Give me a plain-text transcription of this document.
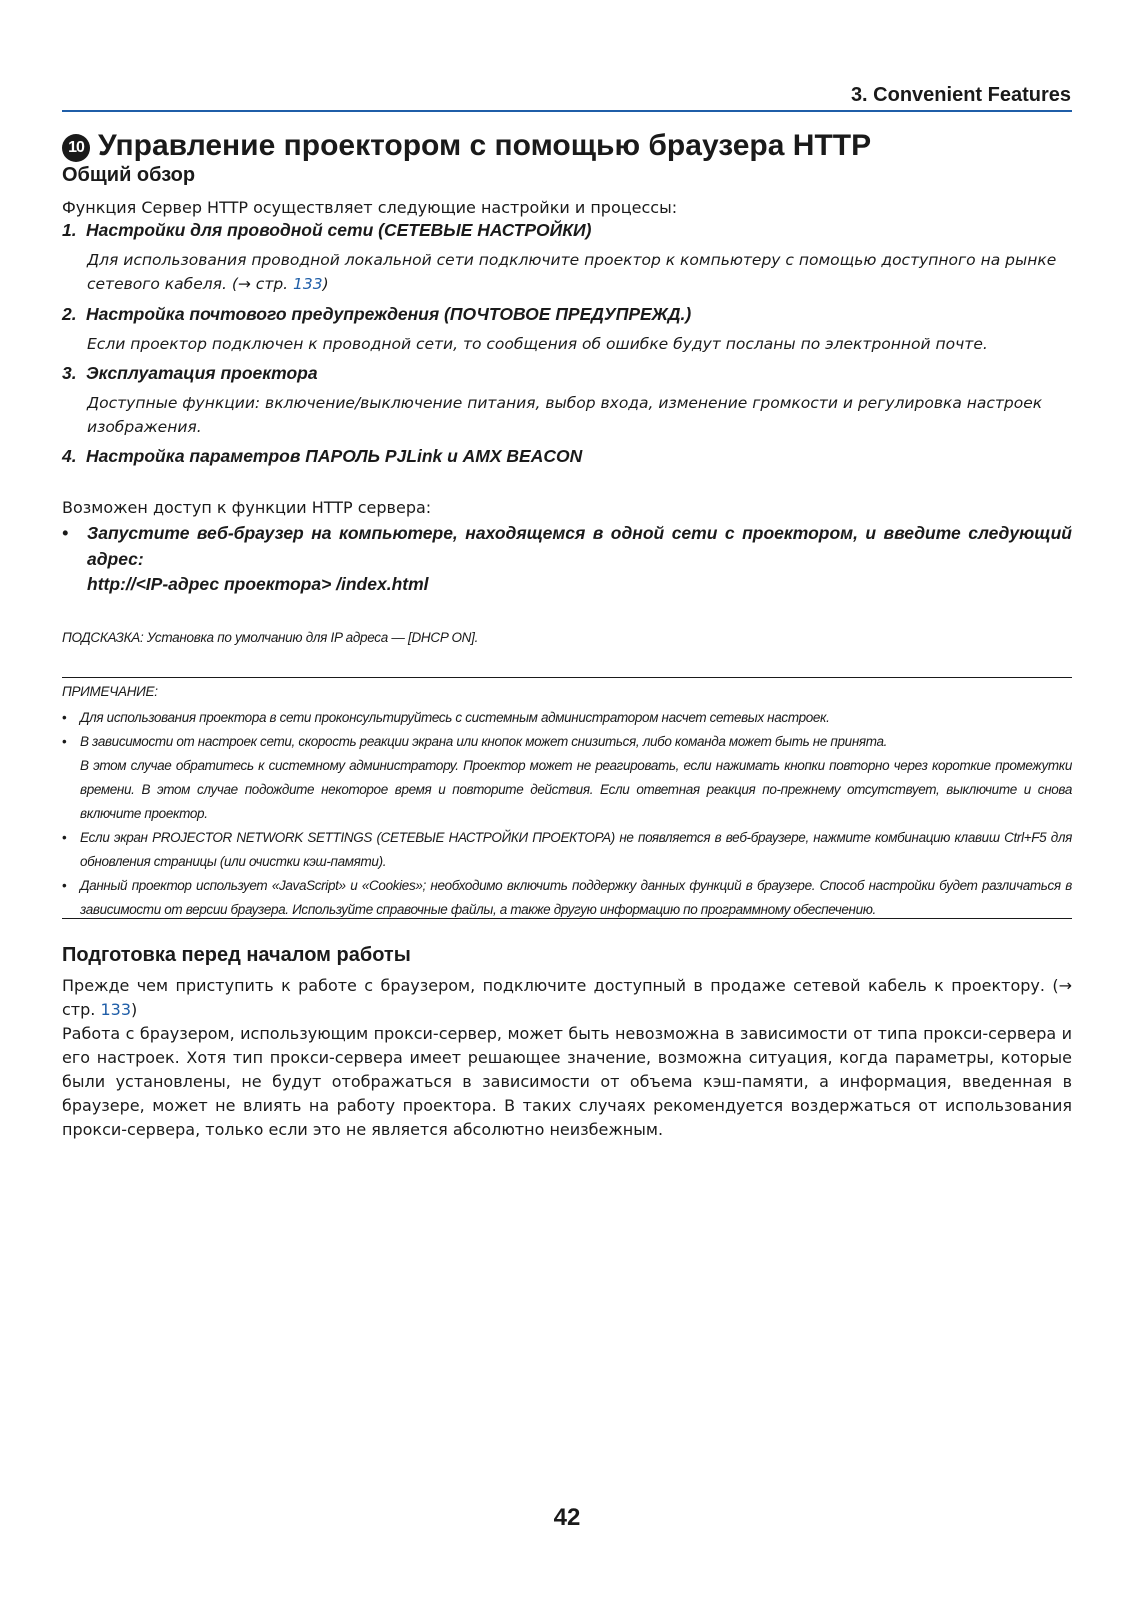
3. Convenient Features
10 Управление проектором с помощью браузера HTTP
Общий обзор
Функция Сервер HTTP осуществляет следующие настройки и процессы:
1. Настройки для проводной сети (СЕТЕВЫЕ НАСТРОЙКИ)
Для использования проводной локальной сети подключите проектор к компьютеру с помощью доступного на рынке сетевого кабеля. (→ стр. 133)
2. Настройка почтового предупреждения (ПОЧТОВОЕ ПРЕДУПРЕЖД.)
Если проектор подключен к проводной сети, то сообщения об ошибке будут посланы по электронной почте.
3. Эксплуатация проектора
Доступные функции: включение/выключение питания, выбор входа, изменение громкости и регулировка настроек изображения.
4. Настройка параметров ПАРОЛЬ PJLink и AMX BEACON
Возможен доступ к функции HTTP сервера:
• Запустите веб-браузер на компьютере, находящемся в одной сети с проектором, и введите следующий адрес:
http://<IP-адрес проектора> /index.html
ПОДСКАЗКА: Установка по умолчанию для IP адреса — [DHCP ON].
ПРИМЕЧАНИЕ:
• Для использования проектора в сети проконсультируйтесь с системным администратором насчет сетевых настроек.
• В зависимости от настроек сети, скорость реакции экрана или кнопок может снизиться, либо команда может быть не принята.
В этом случае обратитесь к системному администратору. Проектор может не реагировать, если нажимать кнопки повторно через короткие промежутки времени. В этом случае подождите некоторое время и повторите действия. Если ответная реакция по-прежнему отсутствует, выключите и снова включите проектор.
• Если экран PROJECTOR NETWORK SETTINGS (СЕТЕВЫЕ НАСТРОЙКИ ПРОЕКТОРА) не появляется в веб-браузере, нажмите комбинацию клавиш Ctrl+F5 для обновления страницы (или очистки кэш-памяти).
• Данный проектор использует «JavaScript» и «Cookies»; необходимо включить поддержку данных функций в браузере. Способ настройки будет различаться в зависимости от версии браузера. Используйте справочные файлы, а также другую информацию по программному обеспечению.
Подготовка перед началом работы
Прежде чем приступить к работе с браузером, подключите доступный в продаже сетевой кабель к проектору. (→ стр. 133)
Работа с браузером, использующим прокси-сервер, может быть невозможна в зависимости от типа прокси-сервера и его настроек. Хотя тип прокси-сервера имеет решающее значение, возможна ситуация, когда параметры, которые были установлены, не будут отображаться в зависимости от объема кэш-памяти, а информация, введенная в браузере, может не влиять на работу проектора. В таких случаях рекомендуется воздержаться от использования прокси-сервера, только если это не является абсолютно неизбежным.
42
